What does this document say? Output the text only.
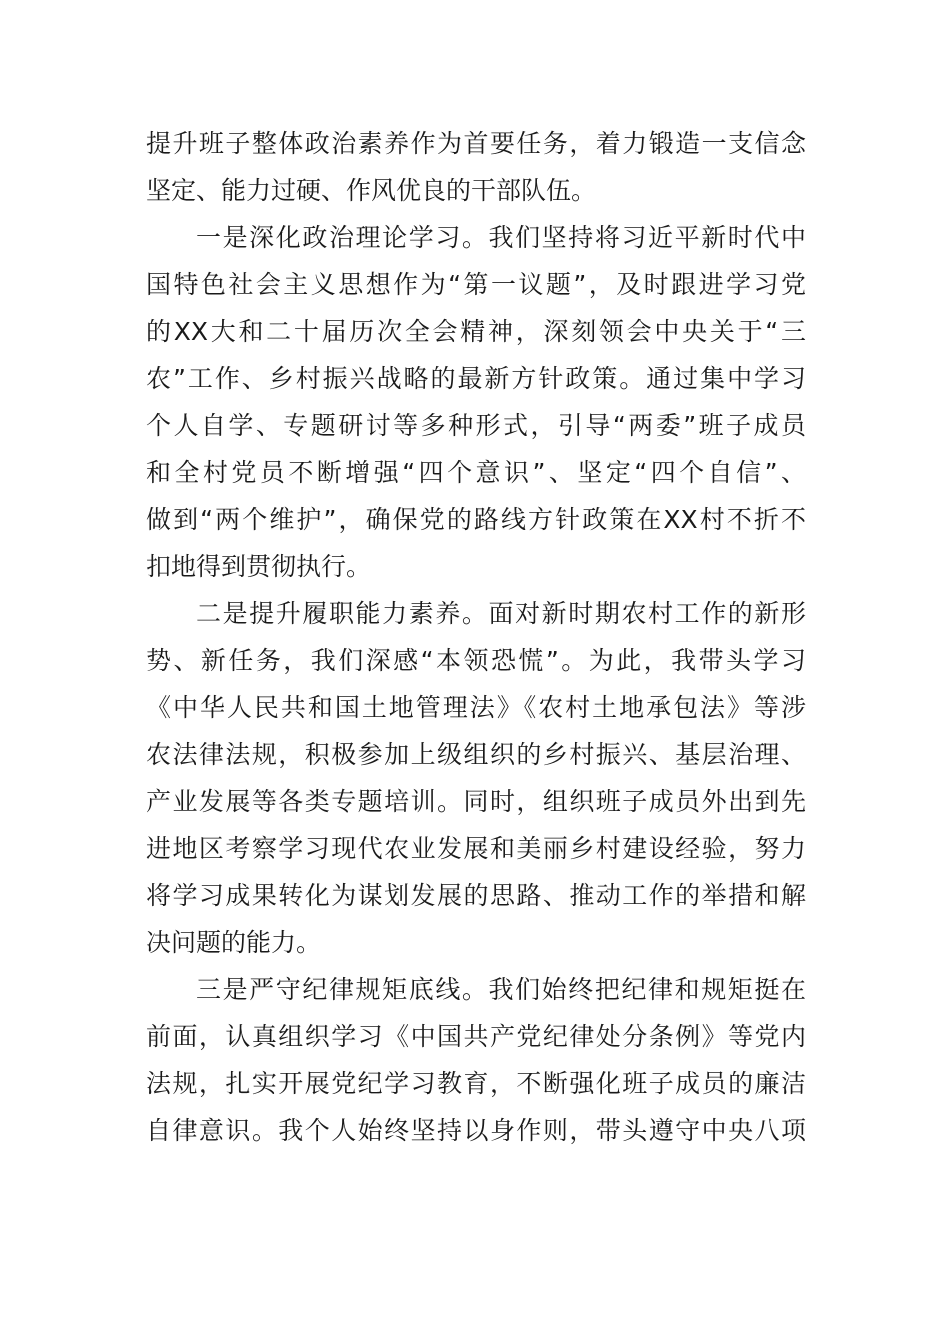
提升班子整体政治素养作为首要任务，着力锻造一支信念
坚定、能力过硬、作风优良的干部队伍。
一是深化政治理论学习。我们坚持将习近平新时代中
国特色社会主义思想作为“第一议题”，及时跟进学习党
的XX大和二十届历次全会精神，深刻领会中央关于“三
农”工作、乡村振兴战略的最新方针政策。通过集中学习
个人自学、专题研讨等多种形式，引导“两委”班子成员
和全村党员不断增强“四个意识”、坚定“四个自信”、
做到“两个维护”，确保党的路线方针政策在XX村不折不
扣地得到贯彻执行。
二是提升履职能力素养。面对新时期农村工作的新形
势、新任务，我们深感“本领恐慌”。为此，我带头学习
《中华人民共和国土地管理法》《农村土地承包法》等涉
农法律法规，积极参加上级组织的乡村振兴、基层治理、
产业发展等各类专题培训。同时，组织班子成员外出到先
进地区考察学习现代农业发展和美丽乡村建设经验，努力
将学习成果转化为谋划发展的思路、推动工作的举措和解
决问题的能力。
三是严守纪律规矩底线。我们始终把纪律和规矩挺在
前面，认真组织学习《中国共产党纪律处分条例》等党内
法规，扎实开展党纪学习教育，不断强化班子成员的廉洁
自律意识。我个人始终坚持以身作则，带头遵守中央八项
